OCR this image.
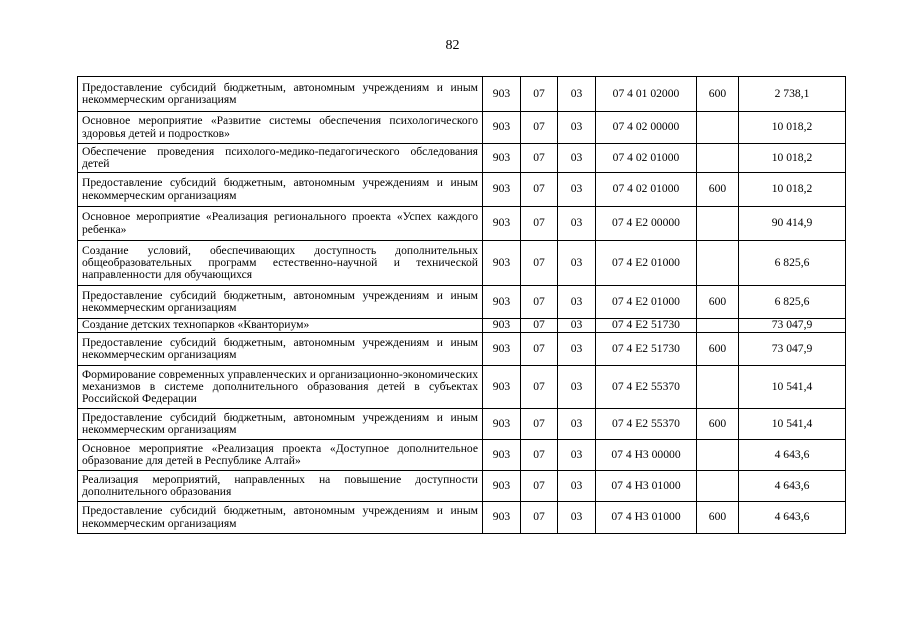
82
Предоставление субсидий бюджетным, автономным учреждениям и иным некоммерческим организациям	903	07	03	07 4 01 02000	600	2 738,1
Основное мероприятие «Развитие системы обеспечения психологического здоровья детей и подростков»	903	07	03	07 4 02 00000		10 018,2
Обеспечение проведения психолого-медико-педагогического обследования детей	903	07	03	07 4 02 01000		10 018,2
Предоставление субсидий бюджетным, автономным учреждениям и иным некоммерческим организациям	903	07	03	07 4 02 01000	600	10 018,2
Основное мероприятие «Реализация регионального проекта «Успех каждого ребенка»	903	07	03	07 4 E2 00000		90 414,9
Создание условий, обеспечивающих доступность дополнительных общеобразовательных программ естественно-научной и технической направленности для обучающихся	903	07	03	07 4 E2 01000		6 825,6
Предоставление субсидий бюджетным, автономным учреждениям и иным некоммерческим организациям	903	07	03	07 4 E2 01000	600	6 825,6
Создание детских технопарков «Кванториум»	903	07	03	07 4 E2 51730		73 047,9
Предоставление субсидий бюджетным, автономным учреждениям и иным некоммерческим организациям	903	07	03	07 4 E2 51730	600	73 047,9
Формирование современных управленческих и организационно-экономических механизмов в системе дополнительного образования детей в субъектах Российской Федерации	903	07	03	07 4 E2 55370		10 541,4
Предоставление субсидий бюджетным, автономным учреждениям и иным некоммерческим организациям	903	07	03	07 4 E2 55370	600	10 541,4
Основное мероприятие «Реализация проекта «Доступное дополнительное образование для детей в Республике Алтай»	903	07	03	07 4 Н3 00000		4 643,6
Реализация мероприятий, направленных на повышение доступности дополнительного образования	903	07	03	07 4 Н3 01000		4 643,6
Предоставление субсидий бюджетным, автономным учреждениям и иным некоммерческим организациям	903	07	03	07 4 Н3 01000	600	4 643,6
